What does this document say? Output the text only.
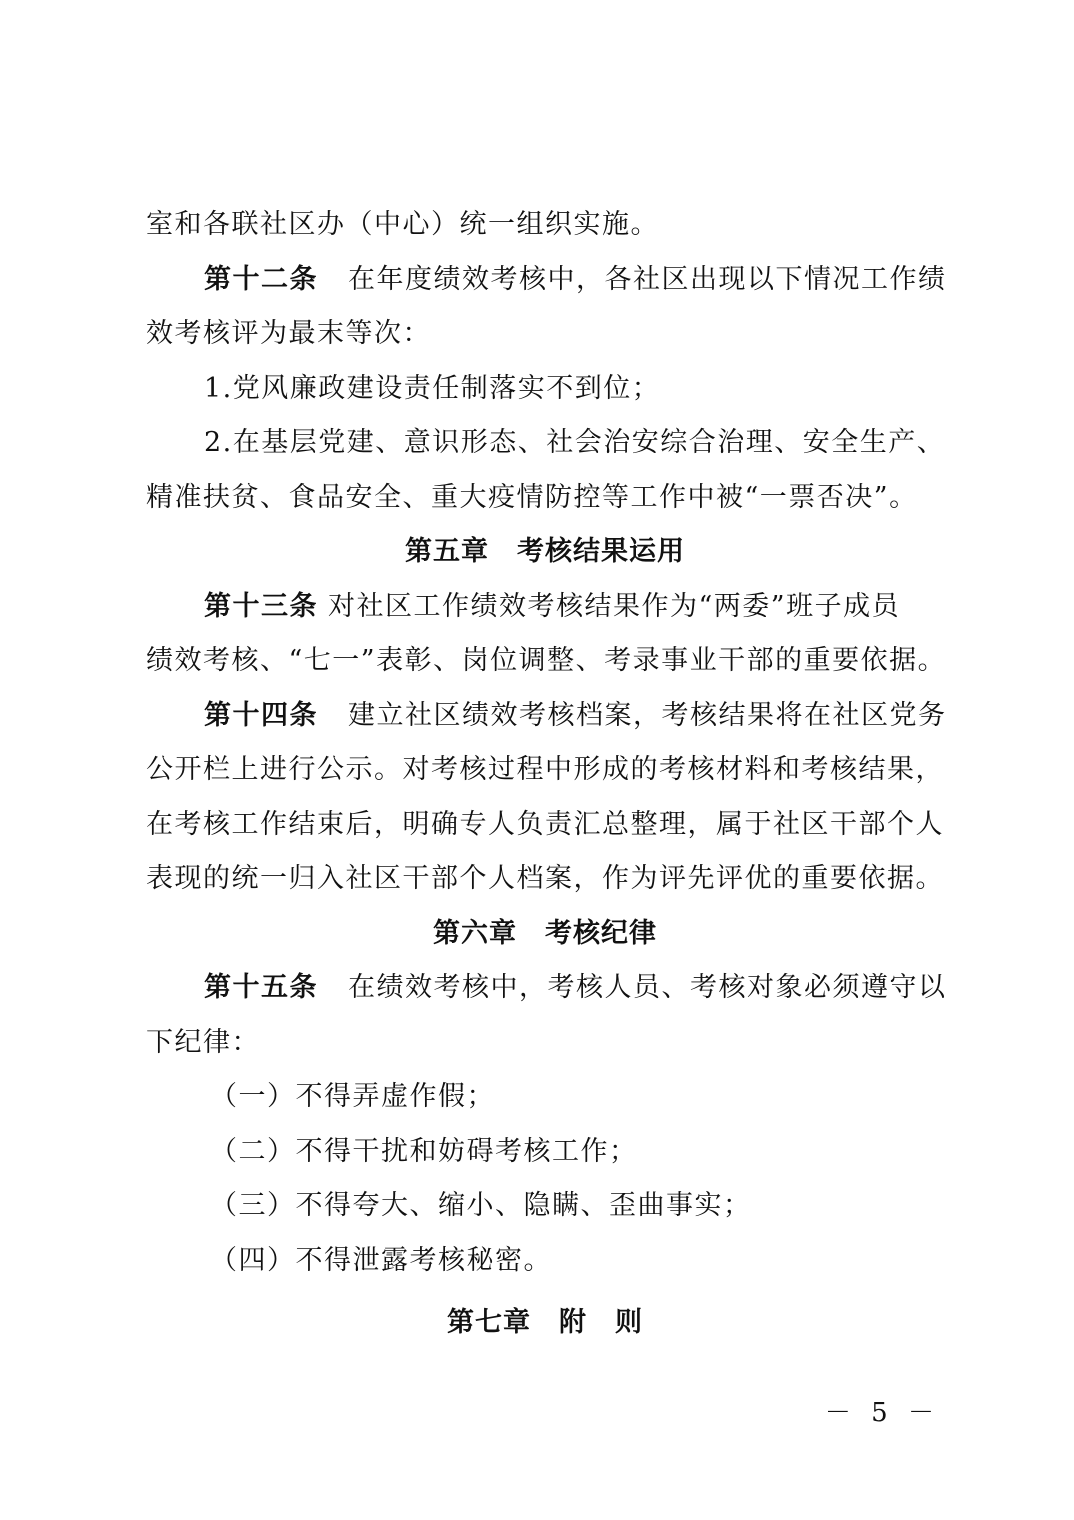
室和各联社区办（中心）统一组织实施。
第十二条 在年度绩效考核中，各社区出现以下情况工作绩
效考核评为最末等次：
1.党风廉政建设责任制落实不到位；
2.在基层党建、意识形态、社会治安综合治理、安全生产、
精准扶贫、食品安全、重大疫情防控等工作中被“一票否决”。
第五章 考核结果运用
第十三条 对社区工作绩效考核结果作为“两委”班子成员
绩效考核、“七一”表彰、岗位调整、考录事业干部的重要依据。
第十四条 建立社区绩效考核档案，考核结果将在社区党务
公开栏上进行公示。对考核过程中形成的考核材料和考核结果，
在考核工作结束后，明确专人负责汇总整理，属于社区干部个人
表现的统一归入社区干部个人档案，作为评先评优的重要依据。
第六章 考核纪律
第十五条 在绩效考核中，考核人员、考核对象必须遵守以
下纪律：
（一）不得弄虚作假；
（二）不得干扰和妨碍考核工作；
（三）不得夸大、缩小、隐瞒、歪曲事实；
（四）不得泄露考核秘密。
第七章 附 则
－ 5 －
